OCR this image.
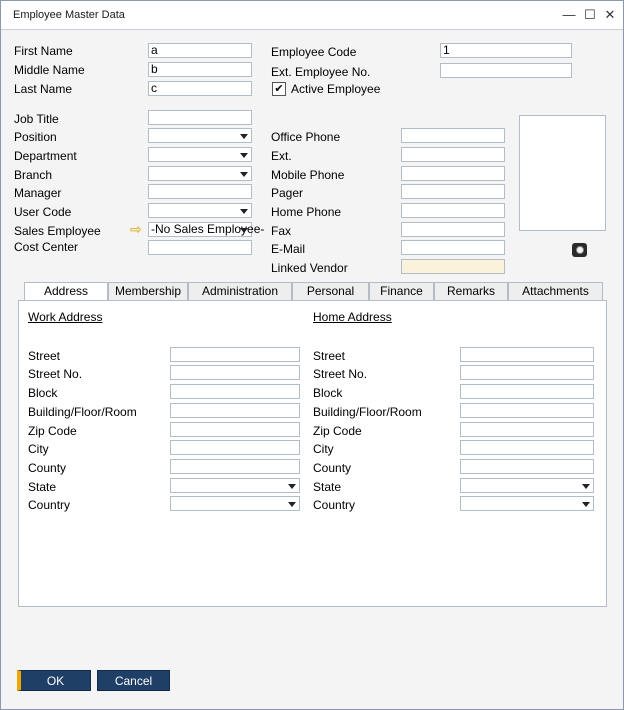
Employee Master Data	— ☐ ✕
First Name	a
Middle Name	b
Last Name	c
Employee Code	1
Ext. Employee No.
✔ Active Employee
Job Title
Position
Department
Branch
Manager
User Code
Sales Employee ⇨ -No Sales Employee-
Cost Center
Office Phone
Ext.
Mobile Phone
Pager
Home Phone
Fax
E-Mail
Linked Vendor
Address	Membership	Administration	Personal	Finance	Remarks	Attachments
Work Address	Home Address
Street
Street No.
Block
Building/Floor/Room
Zip Code
City
County
State
Country
Street
Street No.
Block
Building/Floor/Room
Zip Code
City
County
State
Country
OK	Cancel
